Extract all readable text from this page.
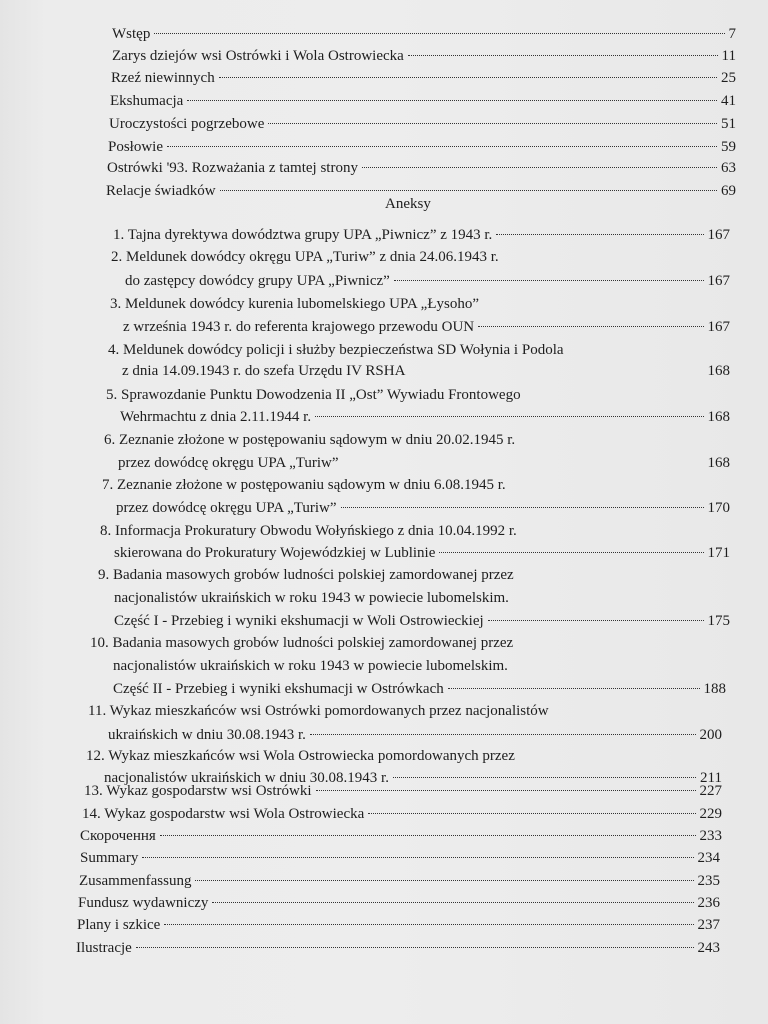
Wstęp	7
Zarys dziejów wsi Ostrówki i Wola Ostrowiecka	11
Rzeź niewinnych	25
Ekshumacja	41
Uroczystości pogrzebowe	51
Posłowie	59
Ostrówki '93. Rozważania z tamtej strony	63
Relacje świadków	69
Aneksy
1. Tajna dyrektywa dowództwa grupy UPA „Piwnicz” z 1943 r.	167
2. Meldunek dowódcy okręgu UPA „Turiw” z dnia 24.06.1943 r.
do zastępcy dowódcy grupy UPA „Piwnicz”	167
3. Meldunek dowódcy kurenia lubomelskiego UPA „Łysoho”
z września 1943 r. do referenta krajowego przewodu OUN	167
4. Meldunek dowódcy policji i służby bezpieczeństwa SD Wołynia i Podola
z dnia 14.09.1943 r. do szefa Urzędu IV RSHA	168
5. Sprawozdanie Punktu Dowodzenia II „Ost” Wywiadu Frontowego
Wehrmachtu z dnia 2.11.1944 r.	168
6. Zeznanie złożone w postępowaniu sądowym w dniu 20.02.1945 r.
przez dowódcę okręgu UPA „Turiw”	168
7. Zeznanie złożone w postępowaniu sądowym w dniu 6.08.1945 r.
przez dowódcę okręgu UPA „Turiw”	170
8. Informacja Prokuratury Obwodu Wołyńskiego z dnia 10.04.1992 r.
skierowana do Prokuratury Wojewódzkiej w Lublinie	171
9. Badania masowych grobów ludności polskiej zamordowanej przez
nacjonalistów ukraińskich w roku 1943 w powiecie lubomelskim.
Część I - Przebieg i wyniki ekshumacji w Woli Ostrowieckiej	175
10. Badania masowych grobów ludności polskiej zamordowanej przez
nacjonalistów ukraińskich w roku 1943 w powiecie lubomelskim.
Część II - Przebieg i wyniki ekshumacji w Ostrówkach	188
11. Wykaz mieszkańców wsi Ostrówki pomordowanych przez nacjonalistów
ukraińskich w dniu 30.08.1943 r.	200
12. Wykaz mieszkańców wsi Wola Ostrowiecka pomordowanych przez
nacjonalistów ukraińskich w dniu 30.08.1943 r.	211
13. Wykaz gospodarstw wsi Ostrówki	227
14. Wykaz gospodarstw wsi Wola Ostrowiecka	229
Скорочення	233
Summary	234
Zusammenfassung	235
Fundusz wydawniczy	236
Plany i szkice	237
Ilustracje	243
